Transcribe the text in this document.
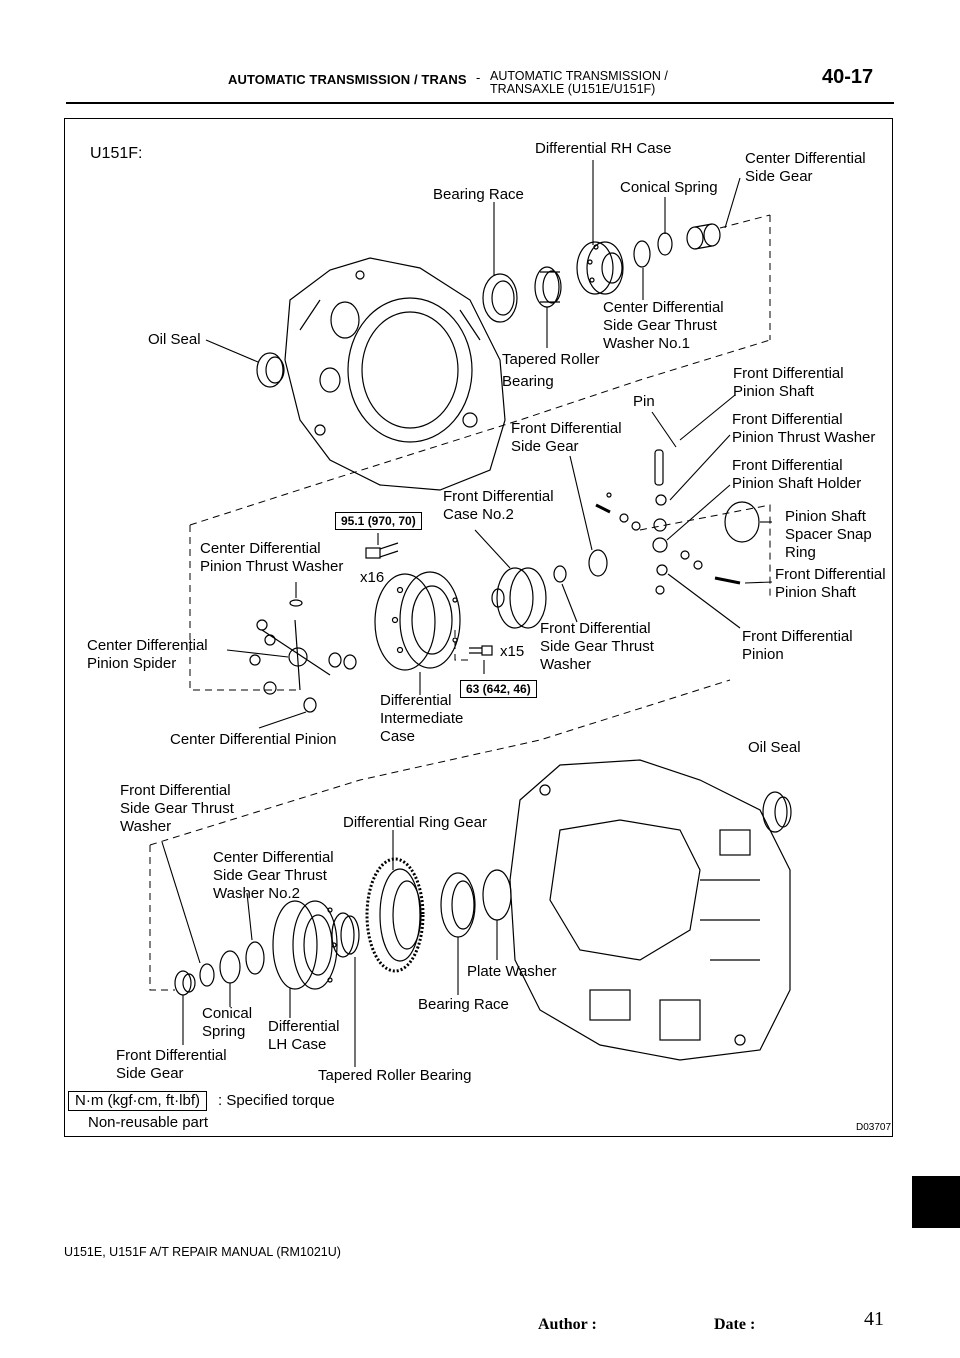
AUTOMATIC TRANSMISSION / TRANS - AUTOMATIC TRANSMISSION /
TRANSAXLE (U151E/U151F)
40-17
U151F:	Differential RH Case
Center Differential
Side Gear
Bearing Race	Conical Spring
Center Differential
Side Gear Thrust
Washer No.1
Oil Seal
Tapered Roller
Bearing	Front Differential
Pinion Shaft
Pin
Front Differential
Side Gear
Front Differential
Pinion Thrust Washer
Front Differential
Pinion Shaft Holder
Front Differential
Case No.2	Pinion Shaft
Spacer Snap
Ring
95.1 (970, 70)
Center Differential
Pinion Thrust Washer
x16	Front Differential
Pinion Shaft
Center Differential
Pinion Spider
Front Differential
Side Gear Thrust
Washer
Front Differential
Pinion
x15
63 (642, 46)
Differential
Intermediate
Case
Center Differential Pinion	Oil Seal
Front Differential
Side Gear Thrust
Washer	Differential Ring Gear
Center Differential
Side Gear Thrust
Washer No.2
Plate Washer
Bearing Race
Conical
Spring	Differential
LH Case
Front Differential
Side Gear	Tapered Roller Bearing
N·m (kgf·cm, ft·lbf)	: Specified torque
Non-reusable part	D03707
U151E, U151F A/T REPAIR MANUAL (RM1021U)
Author :	Date :	41
